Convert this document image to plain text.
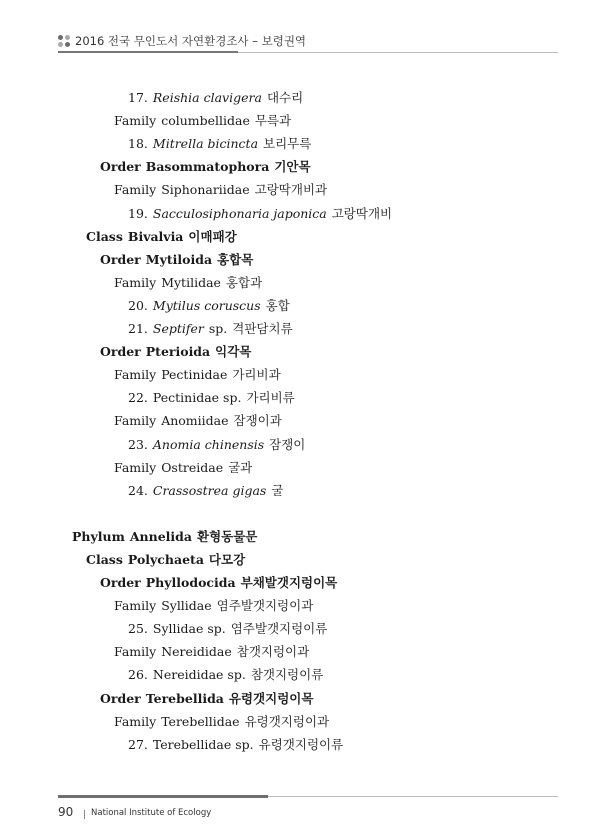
2016 전국 무인도서 자연환경조사 – 보령권역
17. Reishia clavigera 대수리
Family columbellidae 무륵과
18. Mitrella bicincta 보리무륵
Order Basommatophora 기안목
Family Siphonariidae 고랑딱개비과
19. Sacculosiphonaria japonica 고랑딱개비
Class Bivalvia 이매패강
Order Mytiloida 홍합목
Family Mytilidae 홍합과
20. Mytilus coruscus 홍합
21. Septifer sp. 격판담치류
Order Pterioida 익각목
Family Pectinidae 가리비과
22. Pectinidae sp. 가리비류
Family Anomiidae 잠쟁이과
23. Anomia chinensis 잠쟁이
Family Ostreidae 굴과
24. Crassostrea gigas 굴
Phylum Annelida 환형동물문
Class Polychaeta 다모강
Order Phyllodocida 부채발갯지렁이목
Family Syllidae 염주발갯지렁이과
25. Syllidae sp. 염주발갯지렁이류
Family Nereididae 참갯지렁이과
26. Nereididae sp. 참갯지렁이류
Order Terebellida 유령갯지렁이목
Family Terebellidae 유령갯지렁이과
27. Terebellidae sp. 유령갯지렁이류
90 National Institute of Ecology
